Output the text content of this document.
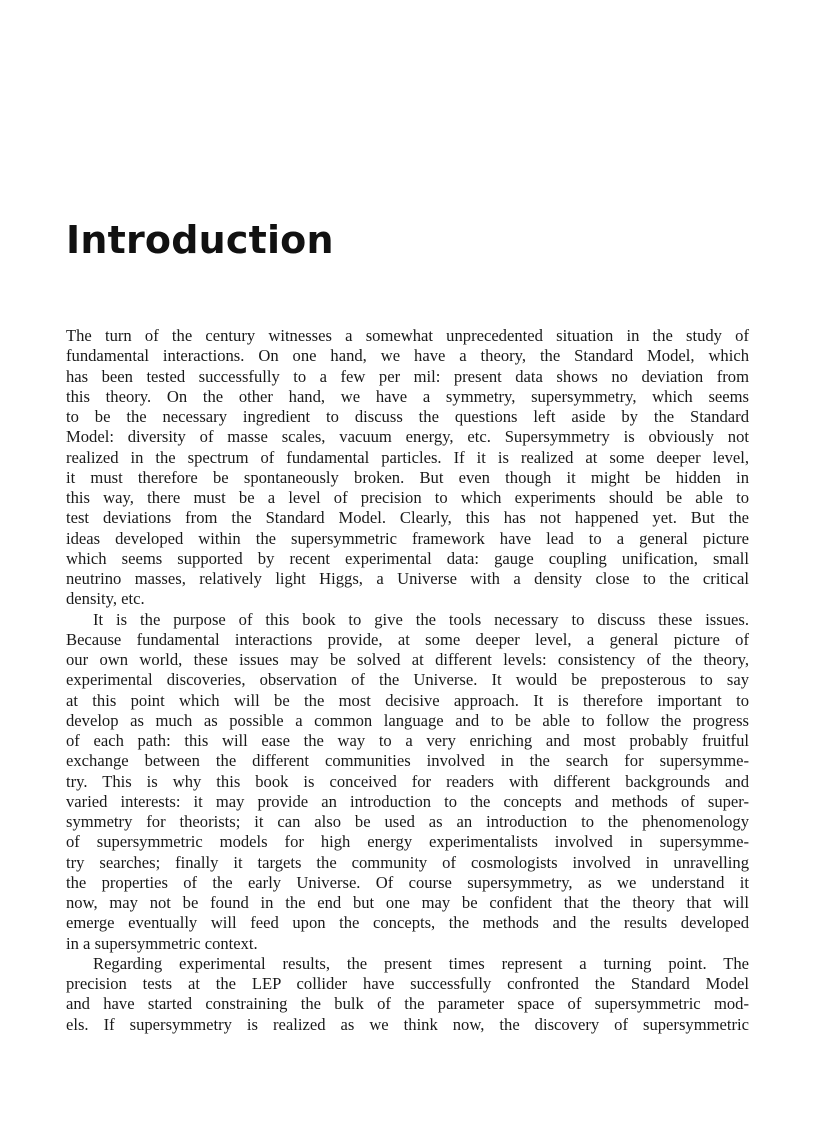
Introduction
The turn of the century witnesses a somewhat unprecedented situation in the study of
fundamental interactions. On one hand, we have a theory, the Standard Model, which
has been tested successfully to a few per mil: present data shows no deviation from
this theory. On the other hand, we have a symmetry, supersymmetry, which seems
to be the necessary ingredient to discuss the questions left aside by the Standard
Model: diversity of masse scales, vacuum energy, etc. Supersymmetry is obviously not
realized in the spectrum of fundamental particles. If it is realized at some deeper level,
it must therefore be spontaneously broken. But even though it might be hidden in
this way, there must be a level of precision to which experiments should be able to
test deviations from the Standard Model. Clearly, this has not happened yet. But the
ideas developed within the supersymmetric framework have lead to a general picture
which seems supported by recent experimental data: gauge coupling unification, small
neutrino masses, relatively light Higgs, a Universe with a density close to the critical
density, etc.
It is the purpose of this book to give the tools necessary to discuss these issues.
Because fundamental interactions provide, at some deeper level, a general picture of
our own world, these issues may be solved at different levels: consistency of the theory,
experimental discoveries, observation of the Universe. It would be preposterous to say
at this point which will be the most decisive approach. It is therefore important to
develop as much as possible a common language and to be able to follow the progress
of each path: this will ease the way to a very enriching and most probably fruitful
exchange between the different communities involved in the search for supersymme-
try. This is why this book is conceived for readers with different backgrounds and
varied interests: it may provide an introduction to the concepts and methods of super-
symmetry for theorists; it can also be used as an introduction to the phenomenology
of supersymmetric models for high energy experimentalists involved in supersymme-
try searches; finally it targets the community of cosmologists involved in unravelling
the properties of the early Universe. Of course supersymmetry, as we understand it
now, may not be found in the end but one may be confident that the theory that will
emerge eventually will feed upon the concepts, the methods and the results developed
in a supersymmetric context.
Regarding experimental results, the present times represent a turning point. The
precision tests at the LEP collider have successfully confronted the Standard Model
and have started constraining the bulk of the parameter space of supersymmetric mod-
els. If supersymmetry is realized as we think now, the discovery of supersymmetric
